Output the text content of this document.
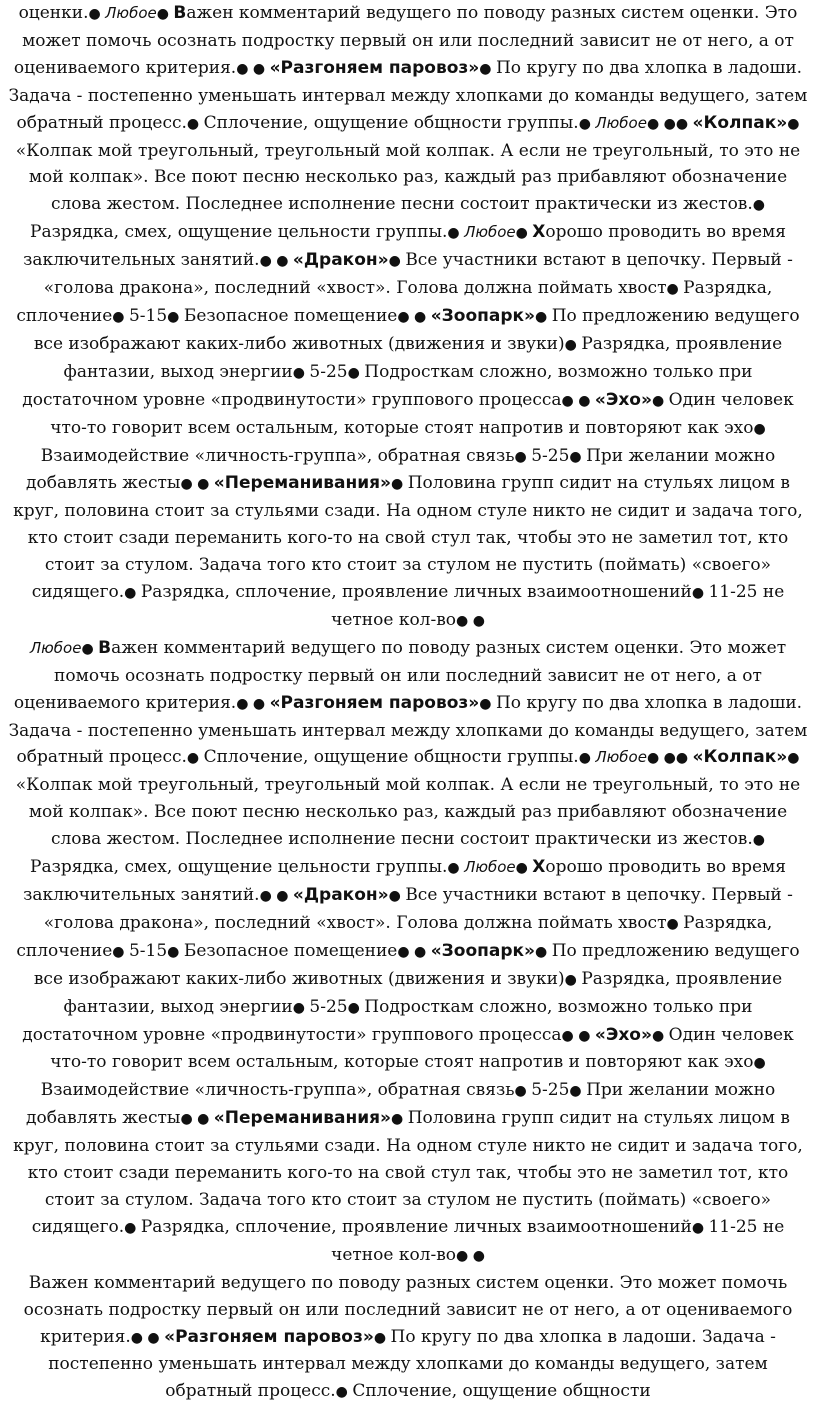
оценки.● Любое● Важен комментарий ведущего по поводу разных систем оценки. Это может помочь осознать подростку первый он или последний зависит не от него, а от оцениваемого критерия.● ● «Разгоняем паровоз»● По кругу по два хлопка в ладоши. Задача - постепенно уменьшать интервал между хлопками до команды ведущего, затем обратный процесс.● Сплочение, ощущение общности группы.● Любое● ●● «Колпак»● «Колпак мой треугольный, треугольный мой колпак. А если не треугольный, то это не мой колпак». Все поют песню несколько раз, каждый раз прибавляют обозначение слова жестом. Последнее исполнение песни состоит практически из жестов.● Разрядка, смех, ощущение цельности группы.● Любое● Хорошо проводить во время заключительных занятий.● ● «Дракон»● Все участники встают в цепочку. Первый - «голова дракона», последний «хвост». Голова должна поймать хвост● Разрядка, сплочение● 5-15● Безопасное помещение● ● «Зоопарк»● По предложению ведущего все изображают каких-либо животных (движения и звуки)● Разрядка, проявление фантазии, выход энергии● 5-25● Подросткам сложно, возможно только при достаточном уровне «продвинутости» группового процесса● ● «Эхо»● Один человек что-то говорит всем остальным, которые стоят напротив и повторяют как эхо● Взаимодействие «личность-группа», обратная связь● 5-25● При желании можно добавлять жесты● ● «Переманивания»● Половина групп сидит на стульях лицом в круг, половина стоит за стульями сзади. На одном стуле никто не сидит и задача того, кто стоит сзади переманить кого-то на свой стул так, чтобы это не заметил тот, кто стоит за стулом. Задача того кто стоит за стулом не пустить (поймать) «своего» сидящего.● Разрядка, сплочение, проявление личных взаимоотношений● 11-25 не четное кол-во● ●

Любое● Важен комментарий ведущего по поводу разных систем оценки. Это может помочь осознать подростку первый он или последний зависит не от него, а от оцениваемого критерия.● ● «Разгоняем паровоз»● По кругу по два хлопка в ладоши. Задача - постепенно уменьшать интервал между хлопками до команды ведущего, затем обратный процесс.● Сплочение, ощущение общности группы.● Любое● ●● «Колпак»● «Колпак мой треугольный, треугольный мой колпак. А если не треугольный, то это не мой колпак». Все поют песню несколько раз, каждый раз прибавляют обозначение слова жестом. Последнее исполнение песни состоит практически из жестов.● Разрядка, смех, ощущение цельности группы.● Любое● Хорошо проводить во время заключительных занятий.● ● «Дракон»● Все участники встают в цепочку. Первый - «голова дракона», последний «хвост». Голова должна поймать хвост● Разрядка, сплочение● 5-15● Безопасное помещение● ● «Зоопарк»● По предложению ведущего все изображают каких-либо животных (движения и звуки)● Разрядка, проявление фантазии, выход энергии● 5-25● Подросткам сложно, возможно только при достаточном уровне «продвинутости» группового процесса● ● «Эхо»● Один человек что-то говорит всем остальным, которые стоят напротив и повторяют как эхо● Взаимодействие «личность-группа», обратная связь● 5-25● При желании можно добавлять жесты● ● «Переманивания»● Половина групп сидит на стульях лицом в круг, половина стоит за стульями сзади. На одном стуле никто не сидит и задача того, кто стоит сзади переманить кого-то на свой стул так, чтобы это не заметил тот, кто стоит за стулом. Задача того кто стоит за стулом не пустить (поймать) «своего» сидящего.● Разрядка, сплочение, проявление личных взаимоотношений● 11-25 не четное кол-во● ●

Важен комментарий ведущего по поводу разных систем оценки. Это может помочь осознать подростку первый он или последний зависит не от него, а от оцениваемого критерия.● ● «Разгоняем паровоз»● По кругу по два хлопка в ладоши. Задача - постепенно уменьшать интервал между хлопками до команды ведущего, затем обратный процесс.● Сплочение, ощущение общности
